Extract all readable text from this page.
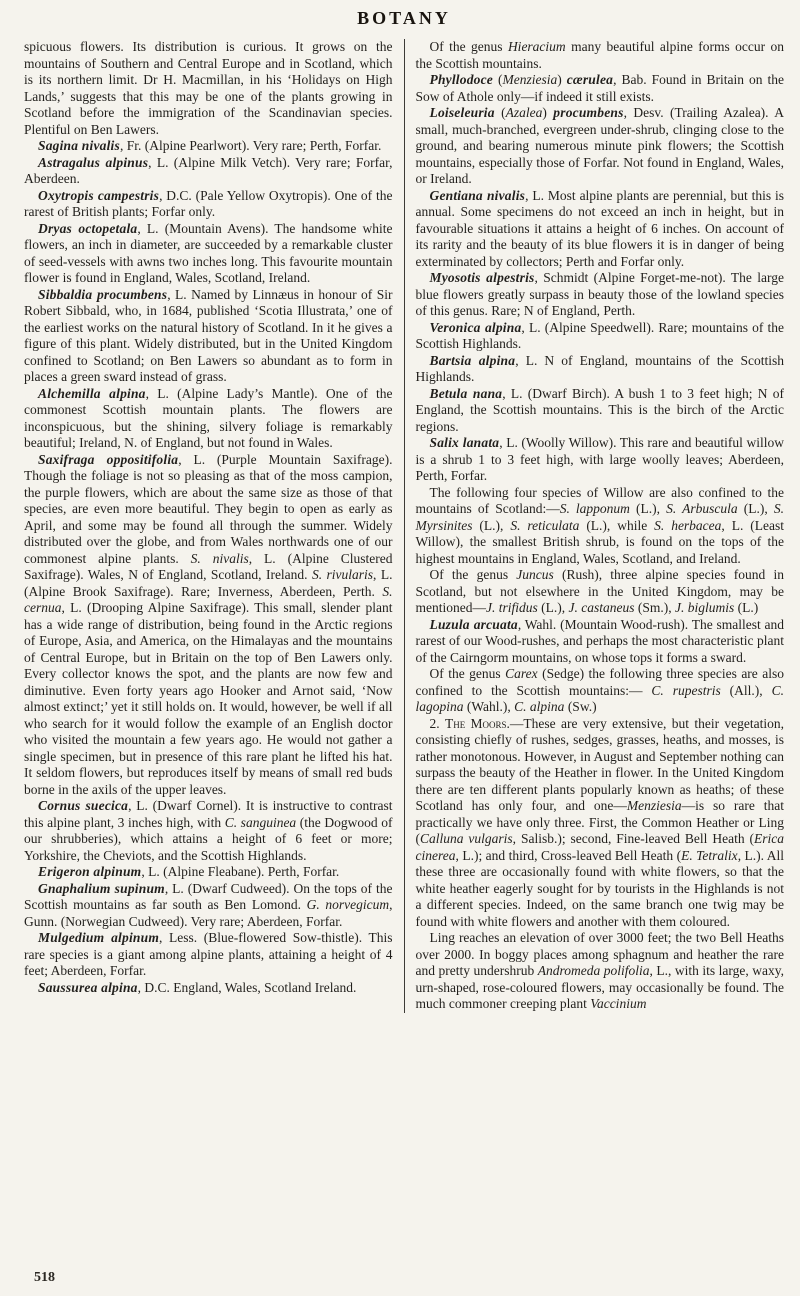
BOTANY

spicuous flowers. Its distribution is curious. It grows on the mountains of Southern and Central Europe and in Scotland, which is its northern limit. Dr H. Macmillan, in his ‘Holidays on High Lands,’ suggests that this may be one of the plants growing in Scotland before the immigration of the Scandinavian species. Plentiful on Ben Lawers.

Sagina nivalis, Fr. (Alpine Pearlwort). Very rare; Perth, Forfar.

Astragalus alpinus, L. (Alpine Milk Vetch). Very rare; Forfar, Aberdeen.

Oxytropis campestris, D.C. (Pale Yellow Oxytropis). One of the rarest of British plants; Forfar only.

Dryas octopetala, L. (Mountain Avens). The handsome white flowers, an inch in diameter, are succeeded by a remarkable cluster of seed-vessels with awns two inches long. This favourite mountain flower is found in England, Wales, Scotland, Ireland.

Sibbaldia procumbens, L. Named by Linnæus in honour of Sir Robert Sibbald, who, in 1684, published ‘Scotia Illustrata,’ one of the earliest works on the natural history of Scotland. In it he gives a figure of this plant. Widely distributed, but in the United Kingdom confined to Scotland; on Ben Lawers so abundant as to form in places a green sward instead of grass.

Alchemilla alpina, L. (Alpine Lady’s Mantle). One of the commonest Scottish mountain plants. The flowers are inconspicuous, but the shining, silvery foliage is remarkably beautiful; Ireland, N. of England, but not found in Wales.

Saxifraga oppositifolia, L. (Purple Mountain Saxifrage). Though the foliage is not so pleasing as that of the moss campion, the purple flowers, which are about the same size as those of that species, are even more beautiful. They begin to open as early as April, and some may be found all through the summer. Widely distributed over the globe, and from Wales northwards one of our commonest alpine plants. S. nivalis, L. (Alpine Clustered Saxifrage). Wales, N of England, Scotland, Ireland. S. rivularis, L. (Alpine Brook Saxifrage). Rare; Inverness, Aberdeen, Perth. S. cernua, L. (Drooping Alpine Saxifrage). This small, slender plant has a wide range of distribution, being found in the Arctic regions of Europe, Asia, and America, on the Himalayas and the mountains of Central Europe, but in Britain on the top of Ben Lawers only. Every collector knows the spot, and the plants are now few and diminutive. Even forty years ago Hooker and Arnot said, ‘Now almost extinct;’ yet it still holds on. It would, however, be well if all who search for it would follow the example of an English doctor who visited the mountain a few years ago. He would not gather a single specimen, but in presence of this rare plant he lifted his hat. It seldom flowers, but reproduces itself by means of small red buds borne in the axils of the upper leaves.

Cornus suecica, L. (Dwarf Cornel). It is instructive to contrast this alpine plant, 3 inches high, with C. sanguinea (the Dogwood of our shrubberies), which attains a height of 6 feet or more; Yorkshire, the Cheviots, and the Scottish Highlands.

Erigeron alpinum, L. (Alpine Fleabane). Perth, Forfar.

Gnaphalium supinum, L. (Dwarf Cudweed). On the tops of the Scottish mountains as far south as Ben Lomond. G. norvegicum, Gunn. (Norwegian Cudweed). Very rare; Aberdeen, Forfar.

Mulgedium alpinum, Less. (Blue-flowered Sow-thistle). This rare species is a giant among alpine plants, attaining a height of 4 feet; Aberdeen, Forfar.

Saussurea alpina, D.C. England, Wales, Scotland Ireland.

Of the genus Hieracium many beautiful alpine forms occur on the Scottish mountains.

Phyllodoce (Menziesia) cærulea, Bab. Found in Britain on the Sow of Athole only—if indeed it still exists.

Loiseleuria (Azalea) procumbens, Desv. (Trailing Azalea). A small, much-branched, evergreen under-shrub, clinging close to the ground, and bearing numerous minute pink flowers; the Scottish mountains, especially those of Forfar. Not found in England, Wales, or Ireland.

Gentiana nivalis, L. Most alpine plants are perennial, but this is annual. Some specimens do not exceed an inch in height, but in favourable situations it attains a height of 6 inches. On account of its rarity and the beauty of its blue flowers it is in danger of being exterminated by collectors; Perth and Forfar only.

Myosotis alpestris, Schmidt (Alpine Forget-me-not). The large blue flowers greatly surpass in beauty those of the lowland species of this genus. Rare; N of England, Perth.

Veronica alpina, L. (Alpine Speedwell). Rare; mountains of the Scottish Highlands.

Bartsia alpina, L. N of England, mountains of the Scottish Highlands.

Betula nana, L. (Dwarf Birch). A bush 1 to 3 feet high; N of England, the Scottish mountains. This is the birch of the Arctic regions.

Salix lanata, L. (Woolly Willow). This rare and beautiful willow is a shrub 1 to 3 feet high, with large woolly leaves; Aberdeen, Perth, Forfar.

The following four species of Willow are also confined to the mountains of Scotland:—S. lapponum (L.), S. Arbuscula (L.), S. Myrsinites (L.), S. reticulata (L.), while S. herbacea, L. (Least Willow), the smallest British shrub, is found on the tops of the highest mountains in England, Wales, Scotland, and Ireland.

Of the genus Juncus (Rush), three alpine species found in Scotland, but not elsewhere in the United Kingdom, may be mentioned—J. trifidus (L.), J. castaneus (Sm.), J. biglumis (L.)

Luzula arcuata, Wahl. (Mountain Wood-rush). The smallest and rarest of our Wood-rushes, and perhaps the most characteristic plant of the Cairngorm mountains, on whose tops it forms a sward.

Of the genus Carex (Sedge) the following three species are also confined to the Scottish mountains:— C. rupestris (All.), C. lagopina (Wahl.), C. alpina (Sw.)

2. The Moors.—These are very extensive, but their vegetation, consisting chiefly of rushes, sedges, grasses, heaths, and mosses, is rather monotonous. However, in August and September nothing can surpass the beauty of the Heather in flower. In the United Kingdom there are ten different plants popularly known as heaths; of these Scotland has only four, and one—Menziesia—is so rare that practically we have only three. First, the Common Heather or Ling (Calluna vulgaris, Salisb.); second, Fine-leaved Bell Heath (Erica cinerea, L.); and third, Cross-leaved Bell Heath (E. Tetralix, L.). All these three are occasionally found with white flowers, so that the white heather eagerly sought for by tourists in the Highlands is not a different species. Indeed, on the same branch one twig may be found with white flowers and another with them coloured.

Ling reaches an elevation of over 3000 feet; the two Bell Heaths over 2000. In boggy places among sphagnum and heather the rare and pretty undershrub Andromeda polifolia, L., with its large, waxy, urn-shaped, rose-coloured flowers, may occasionally be found. The much commoner creeping plant Vaccinium

518
